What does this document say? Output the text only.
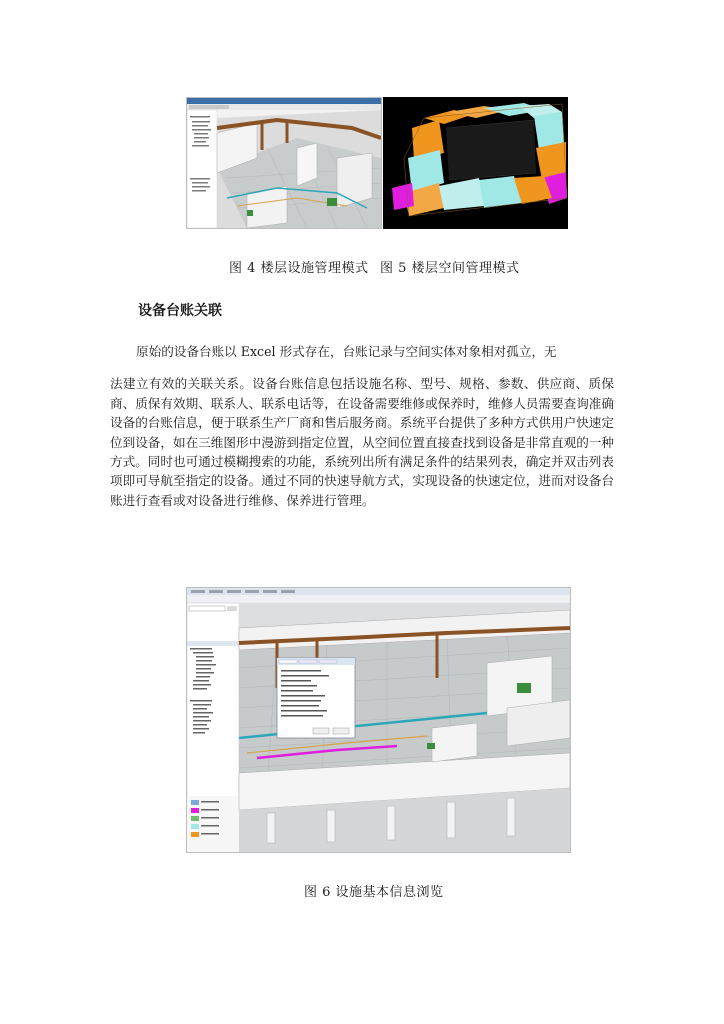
图 4 楼层设施管理模式 图 5 楼层空间管理模式
设备台账关联

原始的设备台账以 Excel 形式存在，台账记录与空间实体对象相对孤立，无

法建立有效的关联关系。设备台账信息包括设施名称、型号、规格、参数、供应商、质保商、质保有效期、联系人、联系电话等，在设备需要维修或保养时，维修人员需要查询准确设备的台账信息，便于联系生产厂商和售后服务商。系统平台提供了多种方式供用户快速定位到设备，如在三维图形中漫游到指定位置，从空间位置直接查找到设备是非常直观的一种方式。同时也可通过模糊搜索的功能，系统列出所有满足条件的结果列表，确定并双击列表项即可导航至指定的设备。通过不同的快速导航方式，实现设备的快速定位，进而对设备台账进行查看或对设备进行维修、保养进行管理。

图 6 设施基本信息浏览
